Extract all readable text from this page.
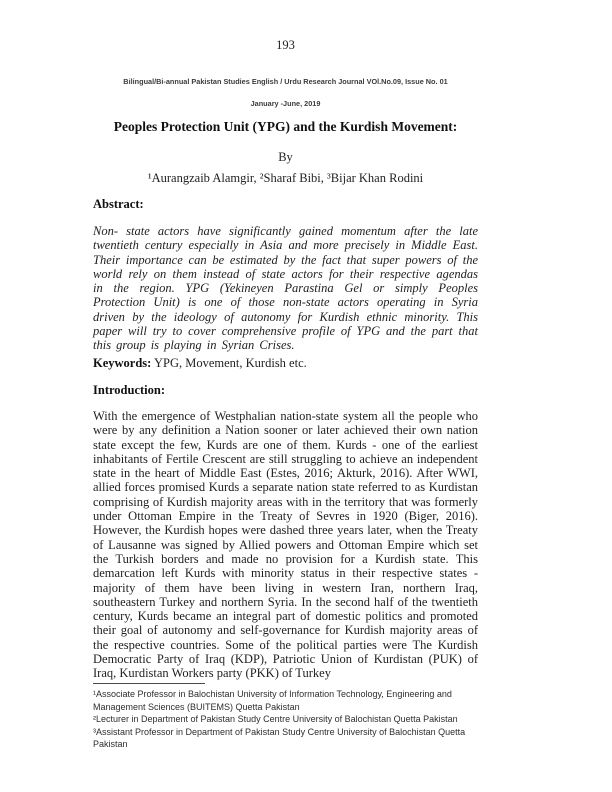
193
Bilingual/Bi-annual Pakistan Studies English / Urdu Research Journal VOl.No.09, Issue No. 01
January -June, 2019
Peoples Protection Unit (YPG) and the Kurdish Movement:
By
¹Aurangzaib Alamgir, ²Sharaf Bibi, ³Bijar Khan Rodini
Abstract:
Non- state actors have significantly gained momentum after the late twentieth century especially in Asia and more precisely in Middle East. Their importance can be estimated by the fact that super powers of the world rely on them instead of state actors for their respective agendas in the region. YPG (Yekineyen Parastina Gel or simply Peoples Protection Unit) is one of those non-state actors operating in Syria driven by the ideology of autonomy for Kurdish ethnic minority. This paper will try to cover comprehensive profile of YPG and the part that this group is playing in Syrian Crises.
Keywords: YPG, Movement, Kurdish etc.
Introduction:
With the emergence of Westphalian nation-state system all the people who were by any definition a Nation sooner or later achieved their own nation state except the few, Kurds are one of them. Kurds - one of the earliest inhabitants of Fertile Crescent are still struggling to achieve an independent state in the heart of Middle East (Estes, 2016; Akturk, 2016). After WWI, allied forces promised Kurds a separate nation state referred to as Kurdistan comprising of Kurdish majority areas with in the territory that was formerly under Ottoman Empire in the Treaty of Sevres in 1920 (Biger, 2016). However, the Kurdish hopes were dashed three years later, when the Treaty of Lausanne was signed by Allied powers and Ottoman Empire which set the Turkish borders and made no provision for a Kurdish state. This demarcation left Kurds with minority status in their respective states - majority of them have been living in western Iran, northern Iraq, southeastern Turkey and northern Syria. In the second half of the twentieth century, Kurds became an integral part of domestic politics and promoted their goal of autonomy and self-governance for Kurdish majority areas of the respective countries. Some of the political parties were The Kurdish Democratic Party of Iraq (KDP), Patriotic Union of Kurdistan (PUK) of Iraq, Kurdistan Workers party (PKK) of Turkey
¹Associate Professor in Balochistan University of Information Technology, Engineering and Management Sciences (BUITEMS) Quetta Pakistan
²Lecturer in Department of Pakistan Study Centre University of Balochistan Quetta Pakistan
³Assistant Professor in Department of Pakistan Study Centre University of Balochistan Quetta Pakistan
